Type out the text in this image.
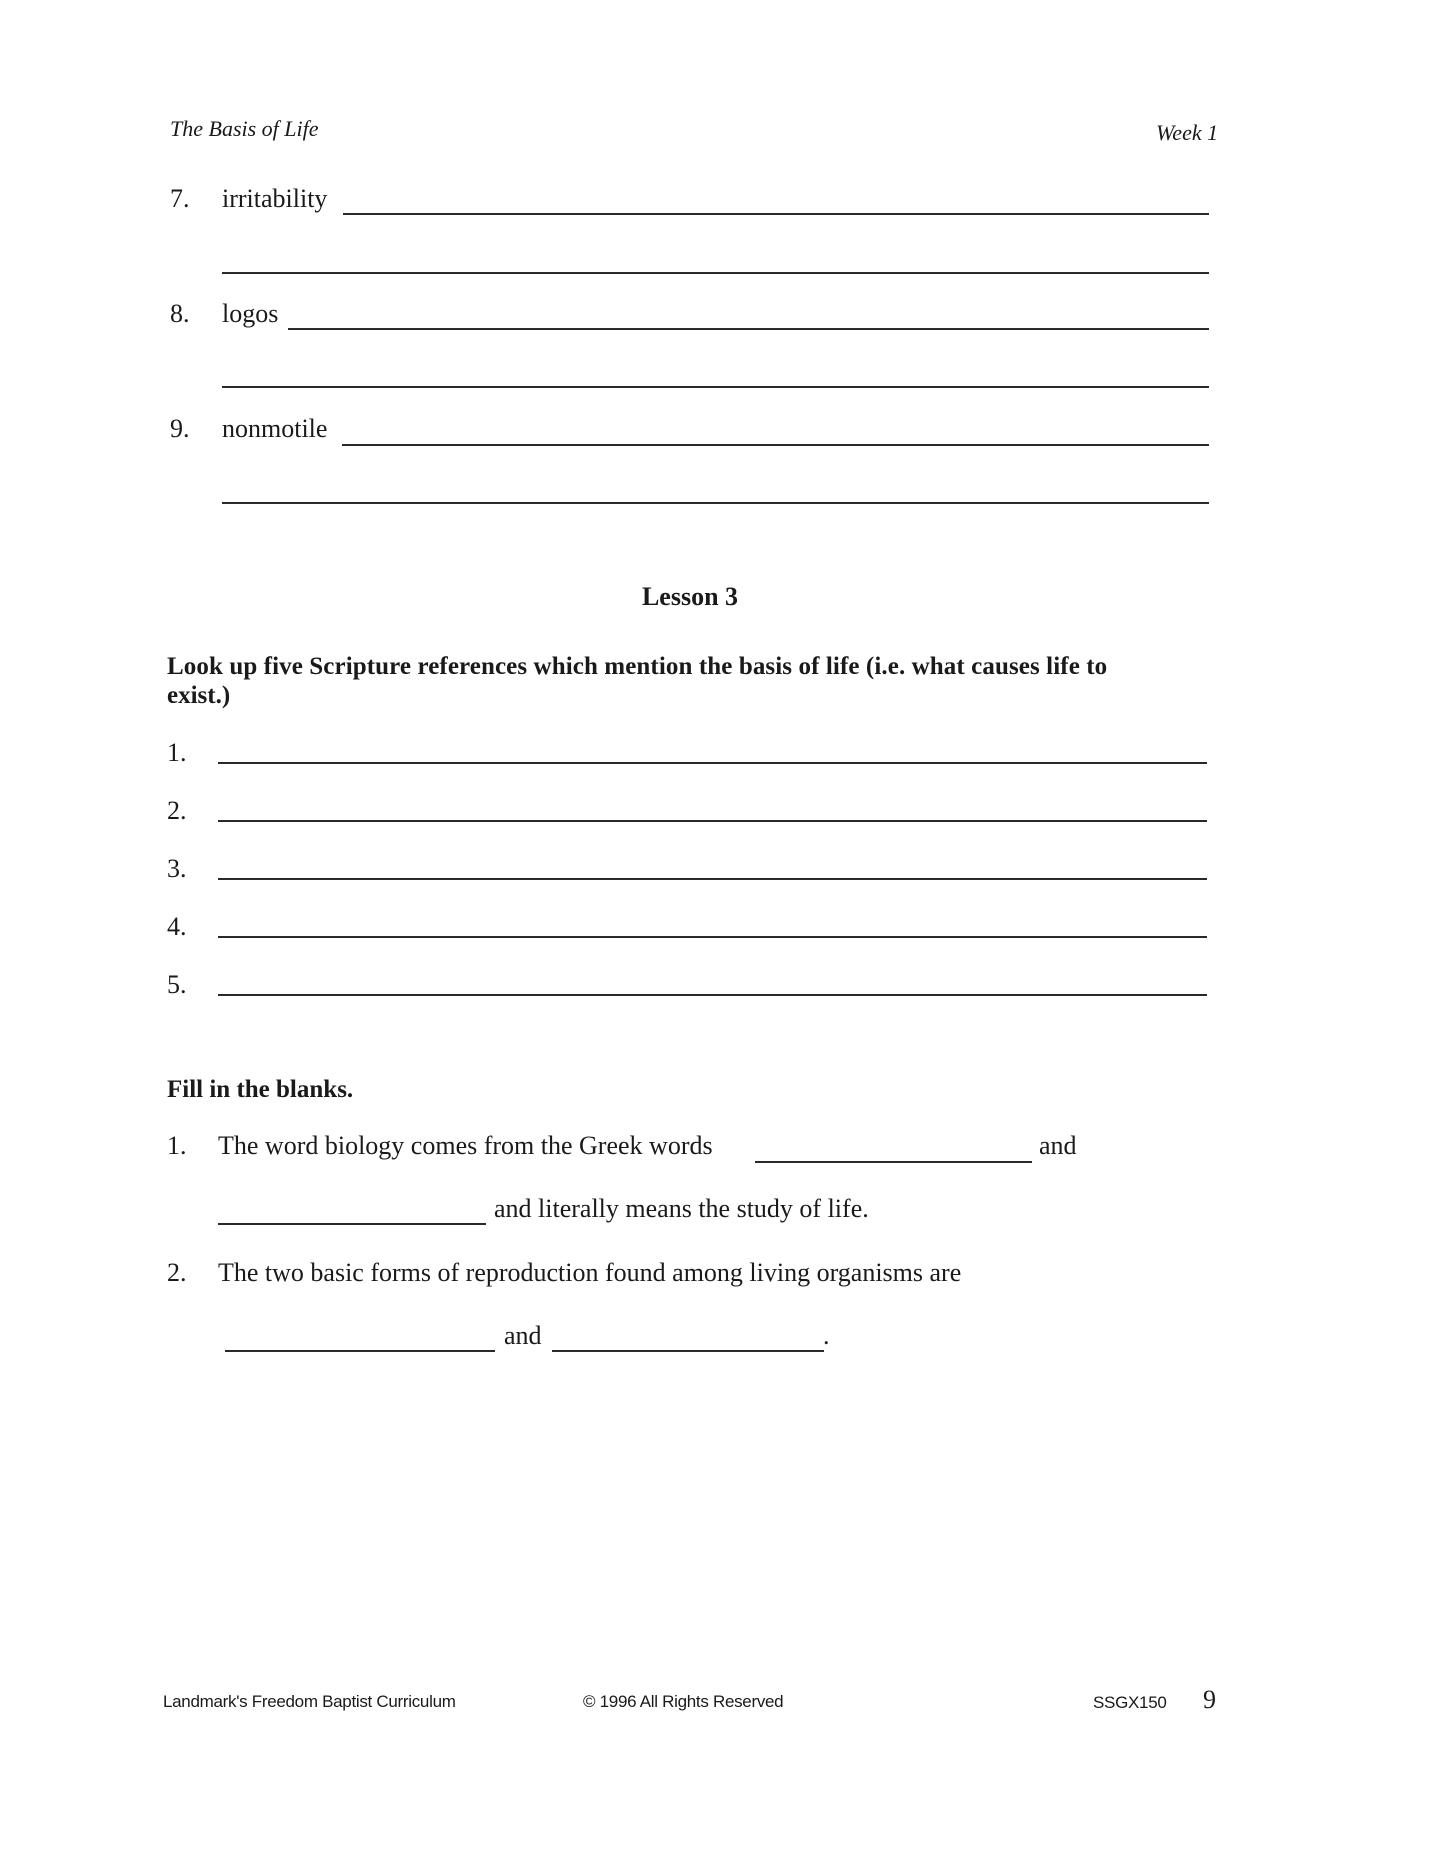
The Basis of Life	Week 1
7. irritability
8. logos
9. nonmotile
Lesson 3
Look up five Scripture references which mention the basis of life (i.e. what causes life to
exist.)
1.
2.
3.
4.
5.
Fill in the blanks.
1. The word biology comes from the Greek words	and
and literally means the study of life.
2. The two basic forms of reproduction found among living organisms are
and	.
Landmark's Freedom Baptist Curriculum	© 1996 All Rights Reserved	SSGX150 9
